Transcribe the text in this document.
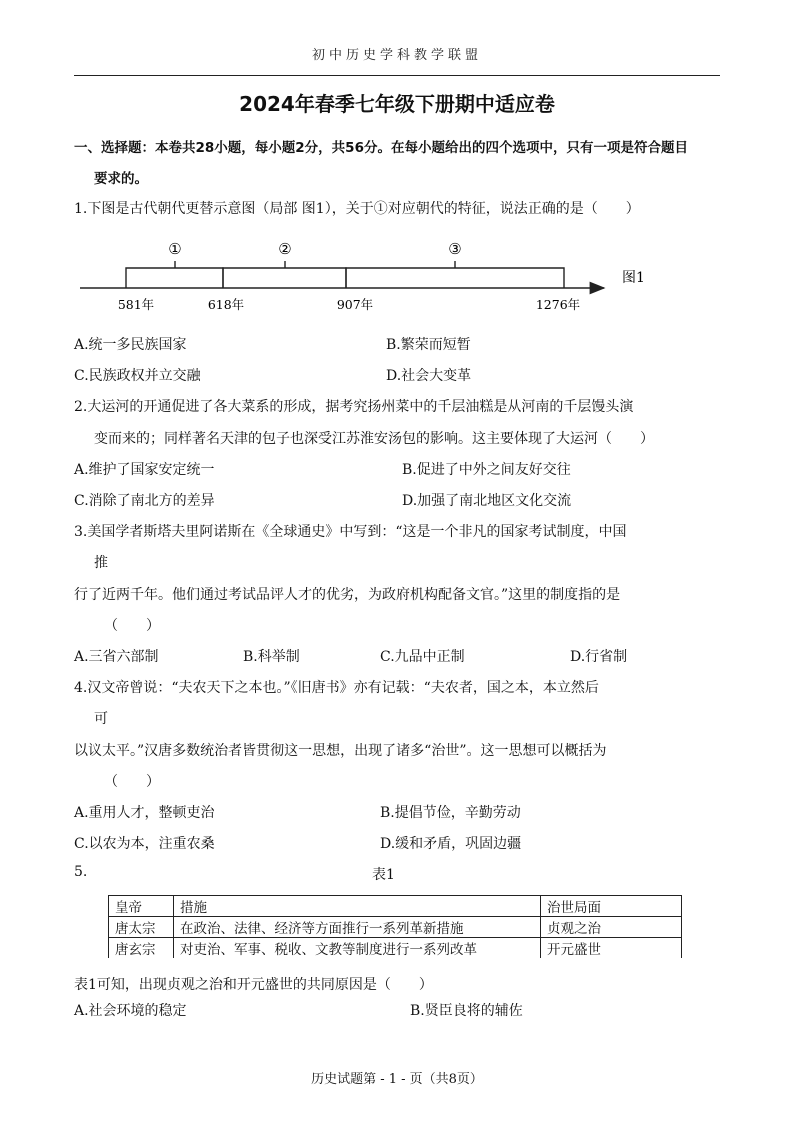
初中历史学科教学联盟
2024年春季七年级下册期中适应卷
一、选择题：本卷共28小题，每小题2分，共56分。在每小题给出的四个选项中，只有一项是符合题目
要求的。
1.下图是古代朝代更替示意图（局部 图1），关于①对应朝代的特征，说法正确的是（　　）
①	②	③
581年	618年	907年	1276年
图1
A.统一多民族国家	B.繁荣而短暂
C.民族政权并立交融	D.社会大变革
2.大运河的开通促进了各大菜系的形成，据考究扬州菜中的千层油糕是从河南的千层馒头演
变而来的；同样著名天津的包子也深受江苏淮安汤包的影响。这主要体现了大运河（　　）
A.维护了国家安定统一	B.促进了中外之间友好交往
C.消除了南北方的差异	D.加强了南北地区文化交流
3.美国学者斯塔夫里阿诺斯在《全球通史》中写到：“这是一个非凡的国家考试制度，中国
推
行了近两千年。他们通过考试品评人才的优劣，为政府机构配备文官。”这里的制度指的是
（　　）
A.三省六部制	B.科举制	C.九品中正制	D.行省制
4.汉文帝曾说：“夫农天下之本也。”《旧唐书》亦有记载：“夫农者，国之本，本立然后
可
以议太平。”汉唐多数统治者皆贯彻这一思想，出现了诸多“治世”。这一思想可以概括为
（　　）
A.重用人才，整顿吏治	B.提倡节俭，辛勤劳动
C.以农为本，注重农桑	D.缓和矛盾，巩固边疆
5.	表1
皇帝	措施	治世局面
唐太宗	在政治、法律、经济等方面推行一系列革新措施	贞观之治
唐玄宗	对吏治、军事、税收、文教等制度进行一系列改革	开元盛世
表1可知，出现贞观之治和开元盛世的共同原因是（　　）
A.社会环境的稳定	B.贤臣良将的辅佐
历史试题第 - 1 - 页（共8页）
